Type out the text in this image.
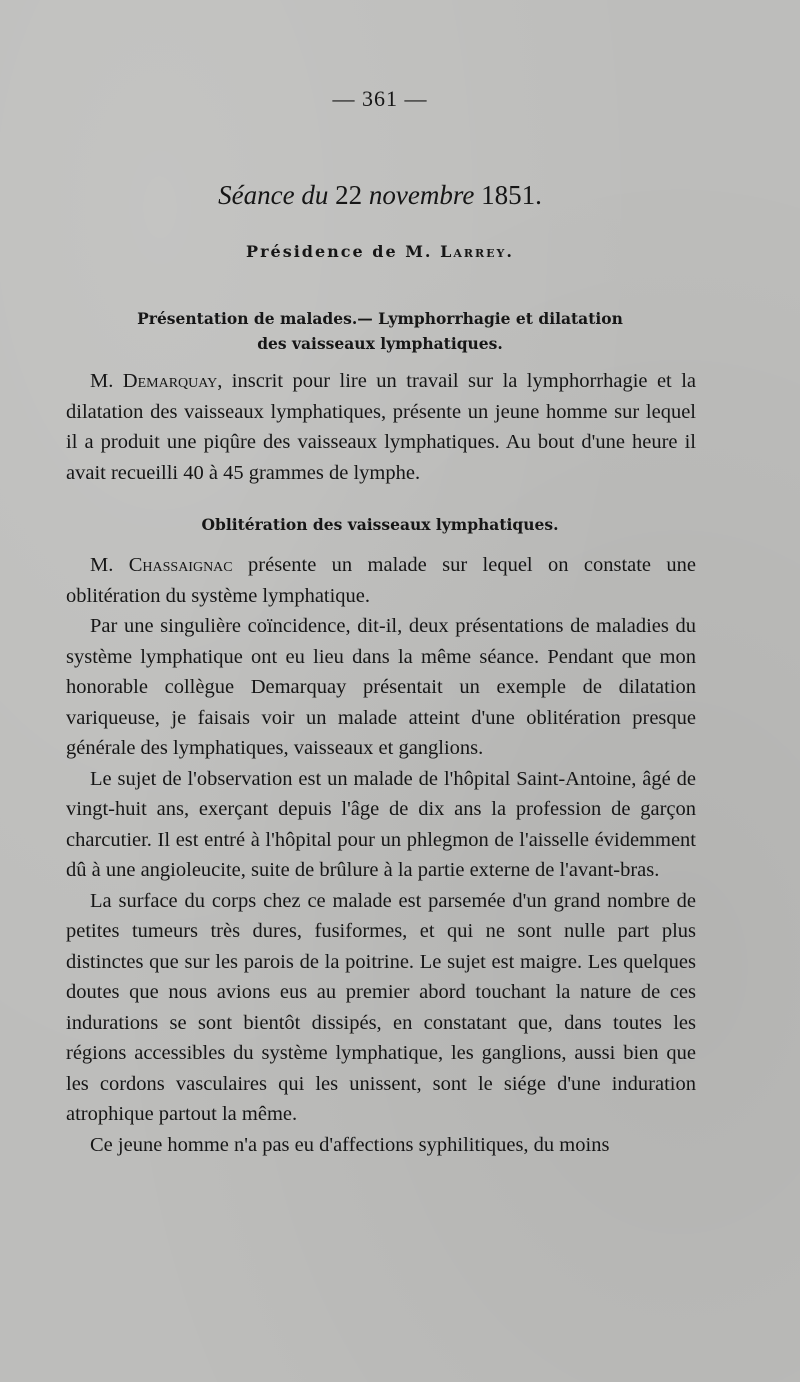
— 361 —
Séance du 22 novembre 1851.
Présidence de M. Larrey.
Présentation de malades.— Lymphorrhagie et dilatation
des vaisseaux lymphatiques.

M. Demarquay, inscrit pour lire un travail sur la lymphorrhagie et la dilatation des vaisseaux lymphatiques, présente un jeune homme sur lequel il a produit une piqûre des vaisseaux lymphatiques. Au bout d'une heure il avait recueilli 40 à 45 grammes de lymphe.

Oblitération des vaisseaux lymphatiques.

M. Chassaignac présente un malade sur lequel on constate une oblitération du système lymphatique.

Par une singulière coïncidence, dit-il, deux présentations de maladies du système lymphatique ont eu lieu dans la même séance. Pendant que mon honorable collègue Demarquay présentait un exemple de dilatation variqueuse, je faisais voir un malade atteint d'une oblitération presque générale des lymphatiques, vaisseaux et ganglions.

Le sujet de l'observation est un malade de l'hôpital Saint-Antoine, âgé de vingt-huit ans, exerçant depuis l'âge de dix ans la profession de garçon charcutier. Il est entré à l'hôpital pour un phlegmon de l'aisselle évidemment dû à une angioleucite, suite de brûlure à la partie externe de l'avant-bras.

La surface du corps chez ce malade est parsemée d'un grand nombre de petites tumeurs très dures, fusiformes, et qui ne sont nulle part plus distinctes que sur les parois de la poitrine. Le sujet est maigre. Les quelques doutes que nous avions eus au premier abord touchant la nature de ces indurations se sont bientôt dissipés, en constatant que, dans toutes les régions accessibles du système lymphatique, les ganglions, aussi bien que les cordons vasculaires qui les unissent, sont le siége d'une induration atrophique partout la même.

Ce jeune homme n'a pas eu d'affections syphilitiques, du moins
